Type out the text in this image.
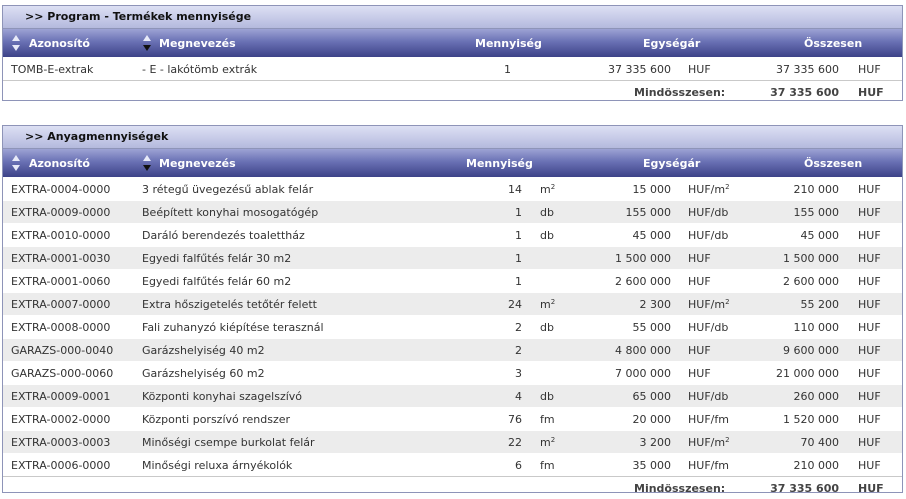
>> Program - Termékek mennyisége
Azonosító	Megnevezés	Mennyiség	Egységár	Összesen
TOMB-E-extrak	- E - lakótömb extrák	1	37 335 600 HUF	37 335 600 HUF
Mindösszesen:	37 335 600 HUF
>> Anyagmennyiségek
Azonosító	Megnevezés	Mennyiség	Egységár	Összesen
EXTRA-0004-0000	3 rétegű üvegezésű ablak felár	14 $m^2$	15 000 HUF/$m^2$	210 000 HUF
EXTRA-0009-0000	Beépített konyhai mosogatógép	1 db	155 000 HUF/db	155 000 HUF
EXTRA-0010-0000	Daráló berendezés toalettház	1 db	45 000 HUF/db	45 000 HUF
EXTRA-0001-0030	Egyedi falfűtés felár 30 m2	1	1 500 000 HUF	1 500 000 HUF
EXTRA-0001-0060	Egyedi falfűtés felár 60 m2	1	2 600 000 HUF	2 600 000 HUF
EXTRA-0007-0000	Extra hőszigetelés tetőtér felett	24 $m^2$	2 300 HUF/$m^2$	55 200 HUF
EXTRA-0008-0000	Fali zuhanyzó kiépítése terasznál	2 db	55 000 HUF/db	110 000 HUF
GARAZS-000-0040	Garázshelyiség 40 m2	2	4 800 000 HUF	9 600 000 HUF
GARAZS-000-0060	Garázshelyiség 60 m2	3	7 000 000 HUF	21 000 000 HUF
EXTRA-0009-0001	Központi konyhai szagelszívó	4 db	65 000 HUF/db	260 000 HUF
EXTRA-0002-0000	Központi porszívó rendszer	76 fm	20 000 HUF/fm	1 520 000 HUF
EXTRA-0003-0003	Minőségi csempe burkolat felár	22 $m^2$	3 200 HUF/$m^2$	70 400 HUF
EXTRA-0006-0000	Minőségi reluxa árnyékolók	6 fm	35 000 HUF/fm	210 000 HUF
Mindösszesen:	37 335 600 HUF
